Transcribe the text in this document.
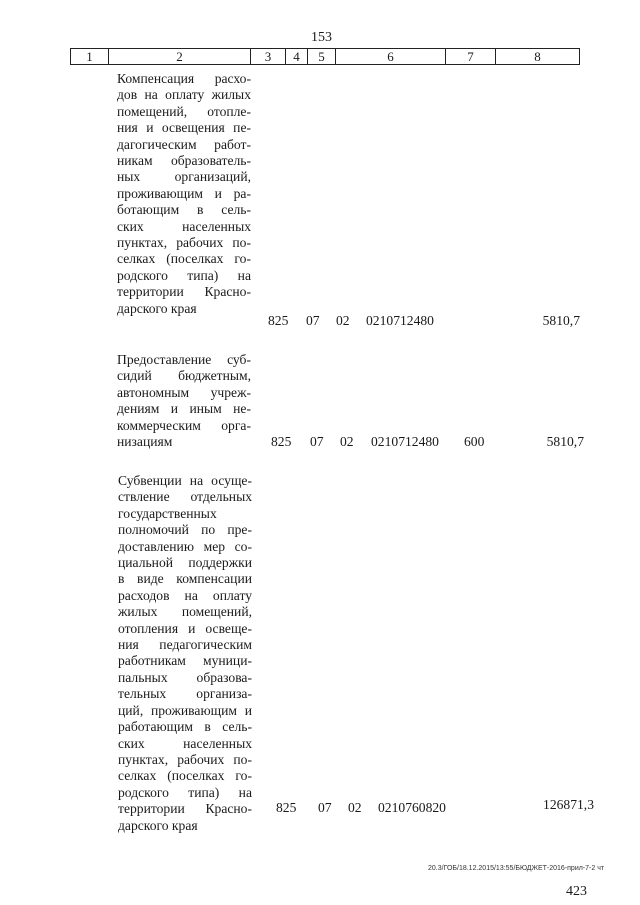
153
1	2	3	4	5	6	7	8
Компенсация расхо-
дов на оплату жилых
помещений, отопле-
ния и освещения пе-
дагогическим работ-
никам образователь-
ных организаций,
проживающим и ра-
ботающим в сель-
ских населенных
пунктах, рабочих по-
селках (поселках го-
родского типа) на
территории Красно-
дарского края
825 07 02 0210712480	5810,7
Предоставление суб-
сидий бюджетным,
автономным учреж-
дениям и иным не-
коммерческим орга-
низациям	825 07 02 0210712480 600	5810,7
Субвенции на осуще-
ствление отдельных
государственных
полномочий по пре-
доставлению мер со-
циальной поддержки
в виде компенсации
расходов на оплату
жилых помещений,
отопления и освеще-
ния педагогическим
работникам муници-
пальных образова-
тельных организа-
ций, проживающим и
работающим в сель-
ских населенных
пунктах, рабочих по-
селках (поселках го-
родского типа) на
территории Красно-
дарского края
825 07 02 0210760820	126871,3
20.3/ГОБ/18.12.2015/13:55/БЮДЖЕТ-2016-прил-7-2 чт
423
